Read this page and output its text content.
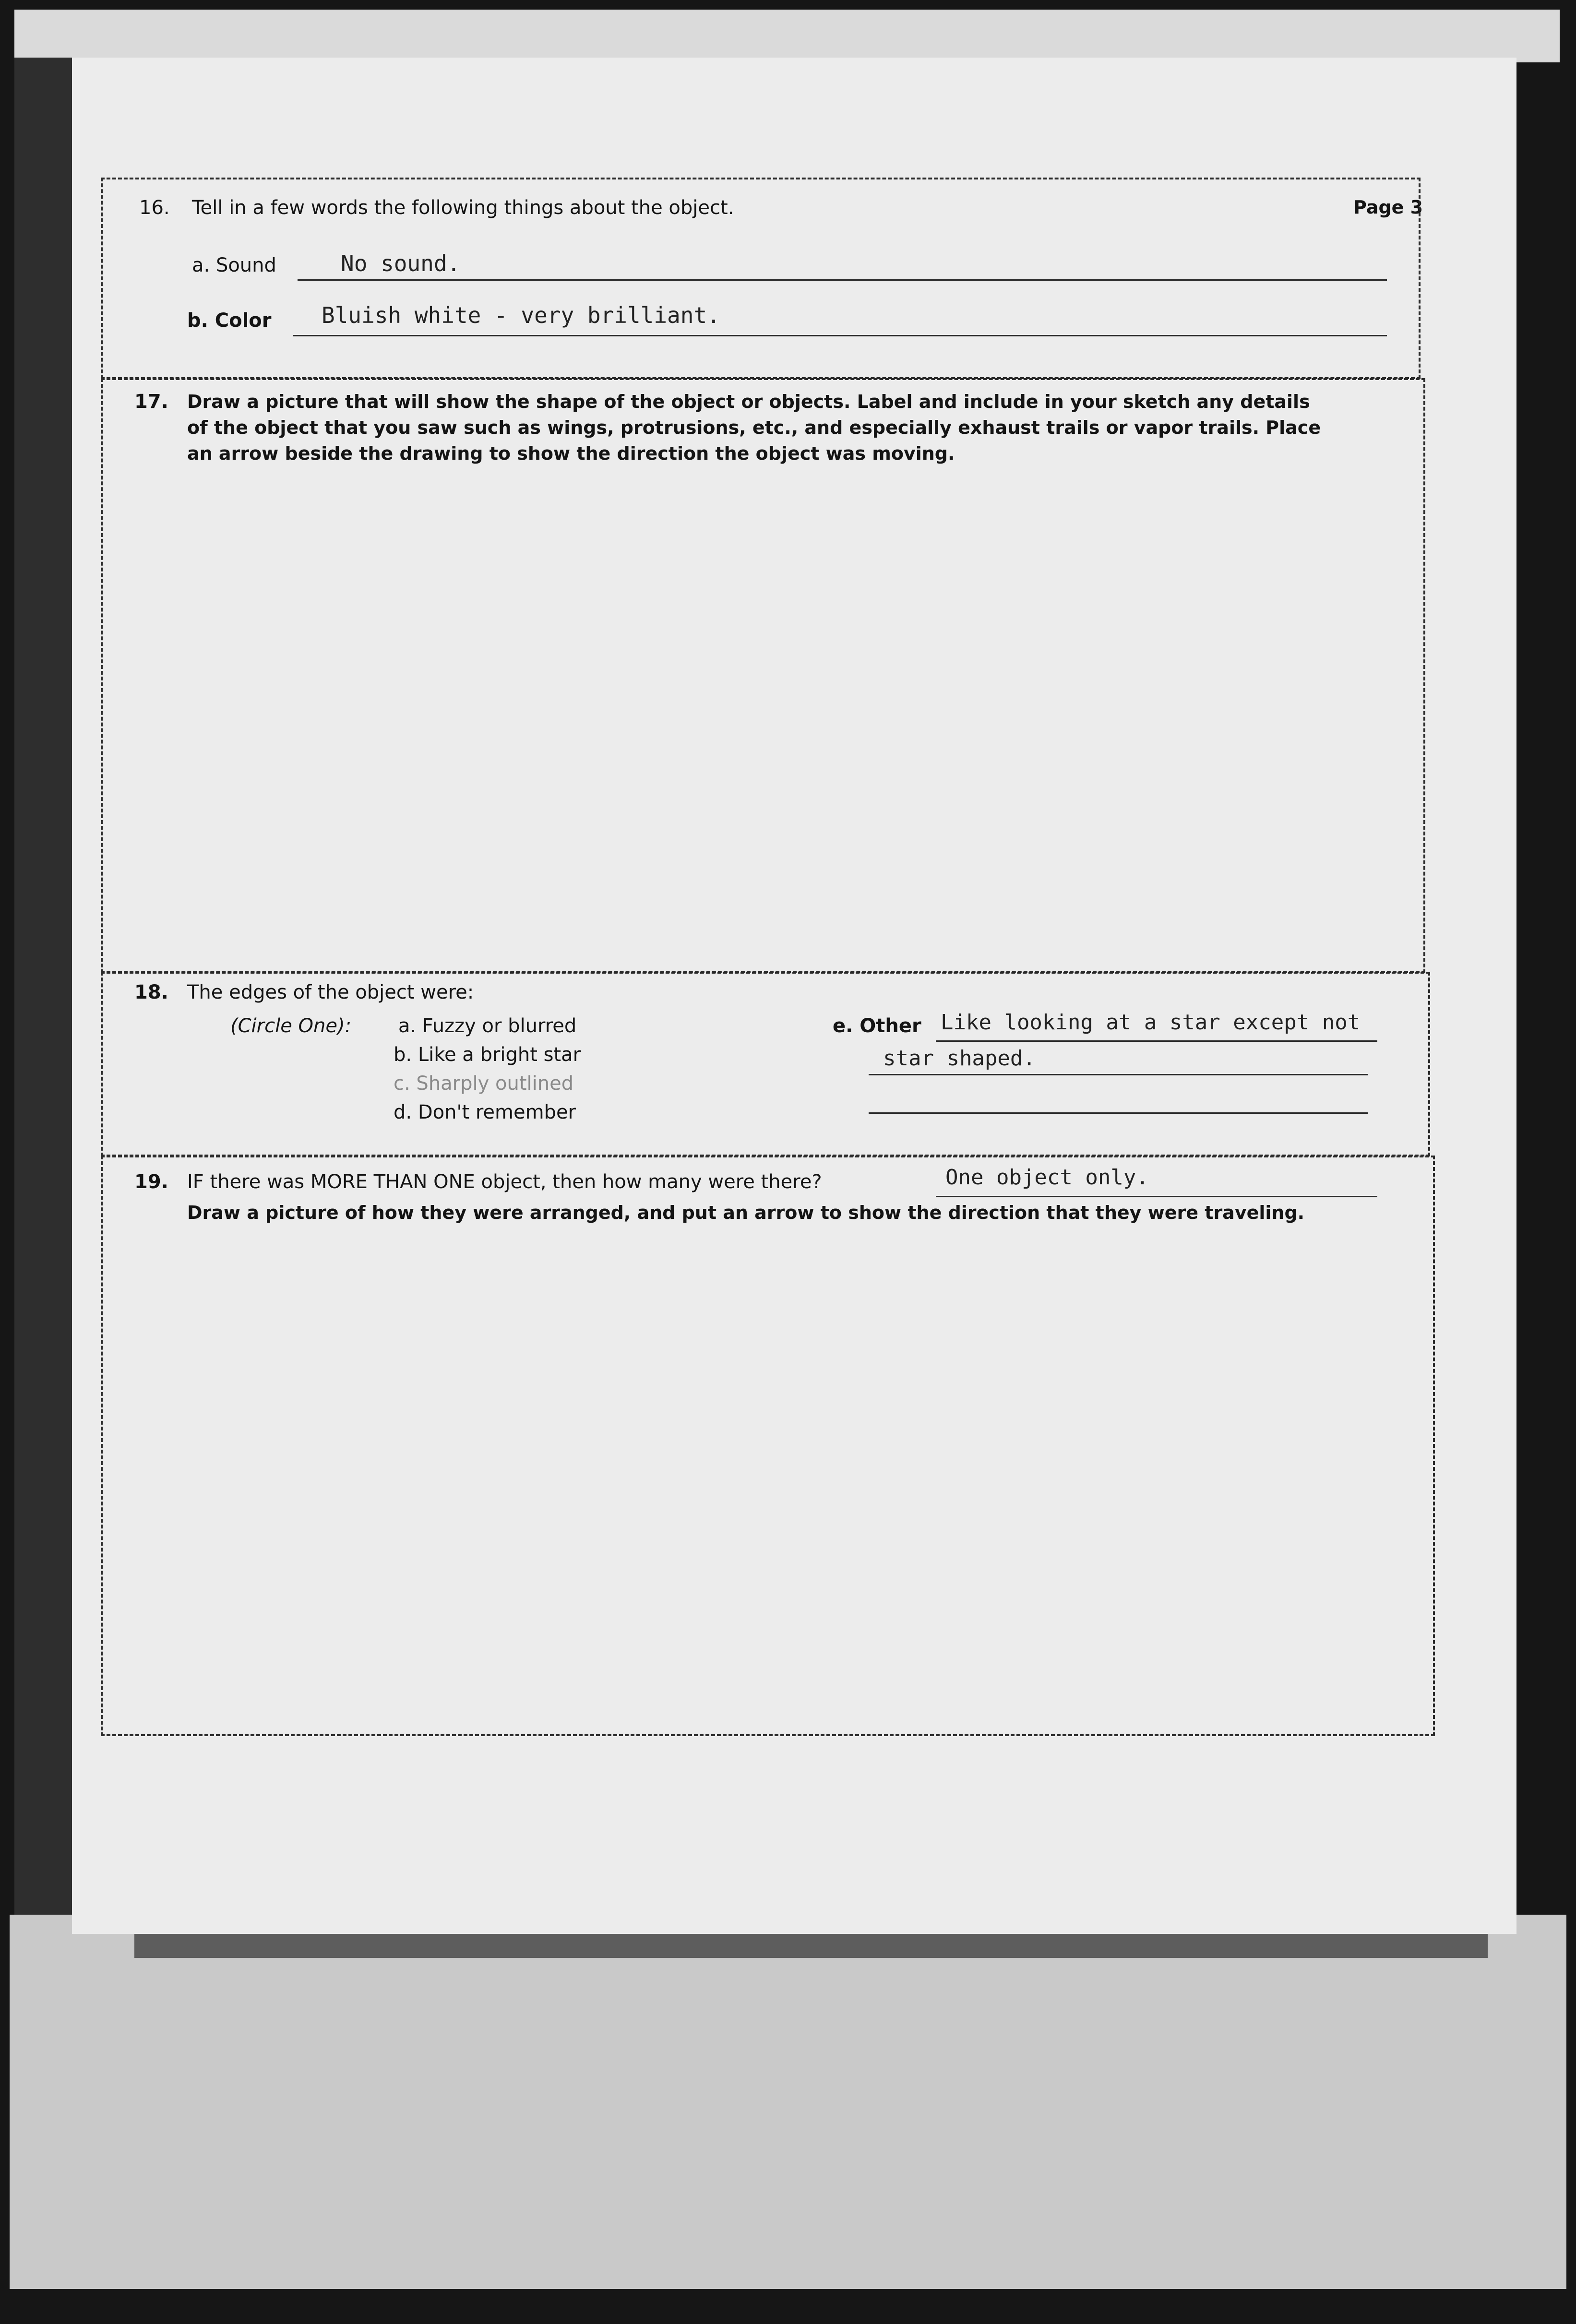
Page 3
16. Tell in a few words the following things about the object.
a. Sound	No sound.
b. Color Bluish white - very brilliant.
17. Draw a picture that will show the shape of the object or objects. Label and include in your sketch any details
of the object that you saw such as wings, protrusions, etc., and especially exhaust trails or vapor trails. Place
an arrow beside the drawing to show the direction the object was moving.
18. The edges of the object were:
(Circle One): a. Fuzzy or blurred
b. Like a bright star
c. Sharply outlined
d. Don't remember
e. Other Like looking at a star except not
star shaped.
19. IF there was MORE THAN ONE object, then how many were there?	One object only.
Draw a picture of how they were arranged, and put an arrow to show the direction that they were traveling.
